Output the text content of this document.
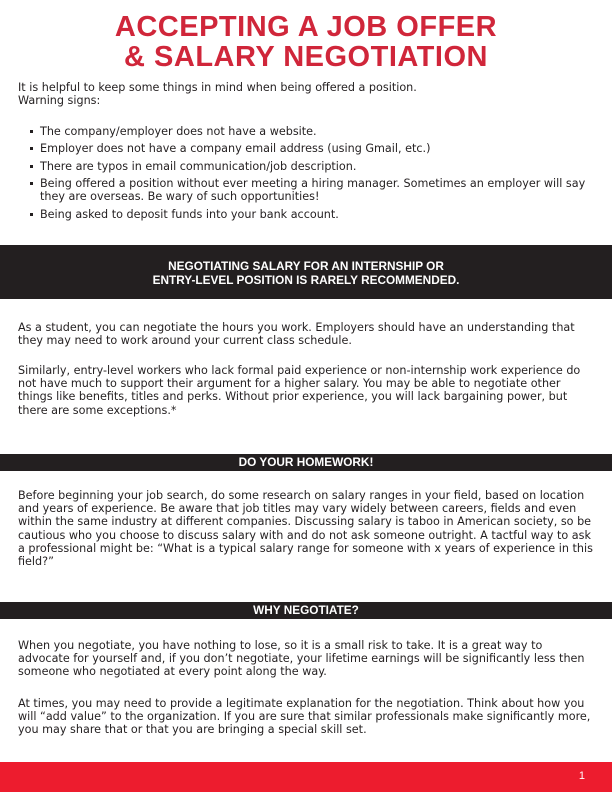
ACCEPTING A JOB OFFER
& SALARY NEGOTIATION

It is helpful to keep some things in mind when being offered a position.
Warning signs:

The company/employer does not have a website.
Employer does not have a company email address (using Gmail, etc.)
There are typos in email communication/job description.
Being offered a position without ever meeting a hiring manager. Sometimes an employer will say they are overseas. Be wary of such opportunities!
Being asked to deposit funds into your bank account.
NEGOTIATING SALARY FOR AN INTERNSHIP OR
ENTRY-LEVEL POSITION IS RARELY RECOMMENDED.

As a student, you can negotiate the hours you work. Employers should have an understanding that they may need to work around your current class schedule.

Similarly, entry-level workers who lack formal paid experience or non-internship work experience do not have much to support their argument for a higher salary. You may be able to negotiate other things like benefits, titles and perks. Without prior experience, you will lack bargaining power, but there are some exceptions.*

DO YOUR HOMEWORK!

Before beginning your job search, do some research on salary ranges in your field, based on location and years of experience. Be aware that job titles may vary widely between careers, fields and even within the same industry at different companies. Discussing salary is taboo in American society, so be cautious who you choose to discuss salary with and do not ask someone outright. A tactful way to ask a professional might be: “What is a typical salary range for someone with x years of experience in this field?”

WHY NEGOTIATE?

When you negotiate, you have nothing to lose, so it is a small risk to take. It is a great way to advocate for yourself and, if you don’t negotiate, your lifetime earnings will be significantly less then someone who negotiated at every point along the way.

At times, you may need to provide a legitimate explanation for the negotiation. Think about how you will “add value” to the organization. If you are sure that similar professionals make significantly more, you may share that or that you are bringing a special skill set.

1
